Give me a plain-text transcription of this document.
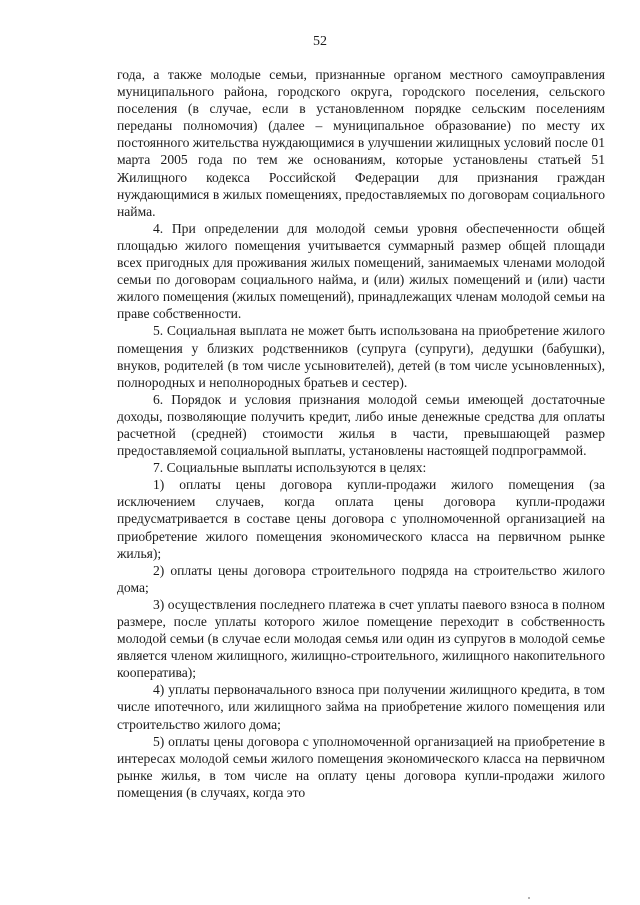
52

года, а также молодые семьи, признанные органом местного самоуправления муниципального района, городского округа, городского поселения, сельского поселения (в случае, если в установленном порядке сельским поселениям переданы полномочия) (далее – муниципальное образование) по месту их постоянного жительства нуждающимися в улучшении жилищных условий после 01 марта 2005 года по тем же основаниям, которые установлены статьей 51 Жилищного кодекса Российской Федерации для признания граждан нуждающимися в жилых помещениях, предоставляемых по договорам социального найма.

4. При определении для молодой семьи уровня обеспеченности общей площадью жилого помещения учитывается суммарный размер общей площади всех пригодных для проживания жилых помещений, занимаемых членами молодой семьи по договорам социального найма, и (или) жилых помещений и (или) части жилого помещения (жилых помещений), принадлежащих членам молодой семьи на праве собственности.

5. Социальная выплата не может быть использована на приобретение жилого помещения у близких родственников (супруга (супруги), дедушки (бабушки), внуков, родителей (в том числе усыновителей), детей (в том числе усыновленных), полнородных и неполнородных братьев и сестер).

6. Порядок и условия признания молодой семьи имеющей достаточные доходы, позволяющие получить кредит, либо иные денежные средства для оплаты расчетной (средней) стоимости жилья в части, превышающей размер предоставляемой социальной выплаты, установлены настоящей подпрограммой.

7. Социальные выплаты используются в целях:

1) оплаты цены договора купли-продажи жилого помещения (за исключением случаев, когда оплата цены договора купли-продажи предусматривается в составе цены договора с уполномоченной организацией на приобретение жилого помещения экономического класса на первичном рынке жилья);

2) оплаты цены договора строительного подряда на строительство жилого дома;

3) осуществления последнего платежа в счет уплаты паевого взноса в полном размере, после уплаты которого жилое помещение переходит в собственность молодой семьи (в случае если молодая семья или один из супругов в молодой семье является членом жилищного, жилищно-строительного, жилищного накопительного кооператива);

4) уплаты первоначального взноса при получении жилищного кредита, в том числе ипотечного, или жилищного займа на приобретение жилого помещения или строительство жилого дома;

5) оплаты цены договора с уполномоченной организацией на приобретение в интересах молодой семьи жилого помещения экономического класса на первичном рынке жилья, в том числе на оплату цены договора купли-продажи жилого помещения (в случаях, когда это
